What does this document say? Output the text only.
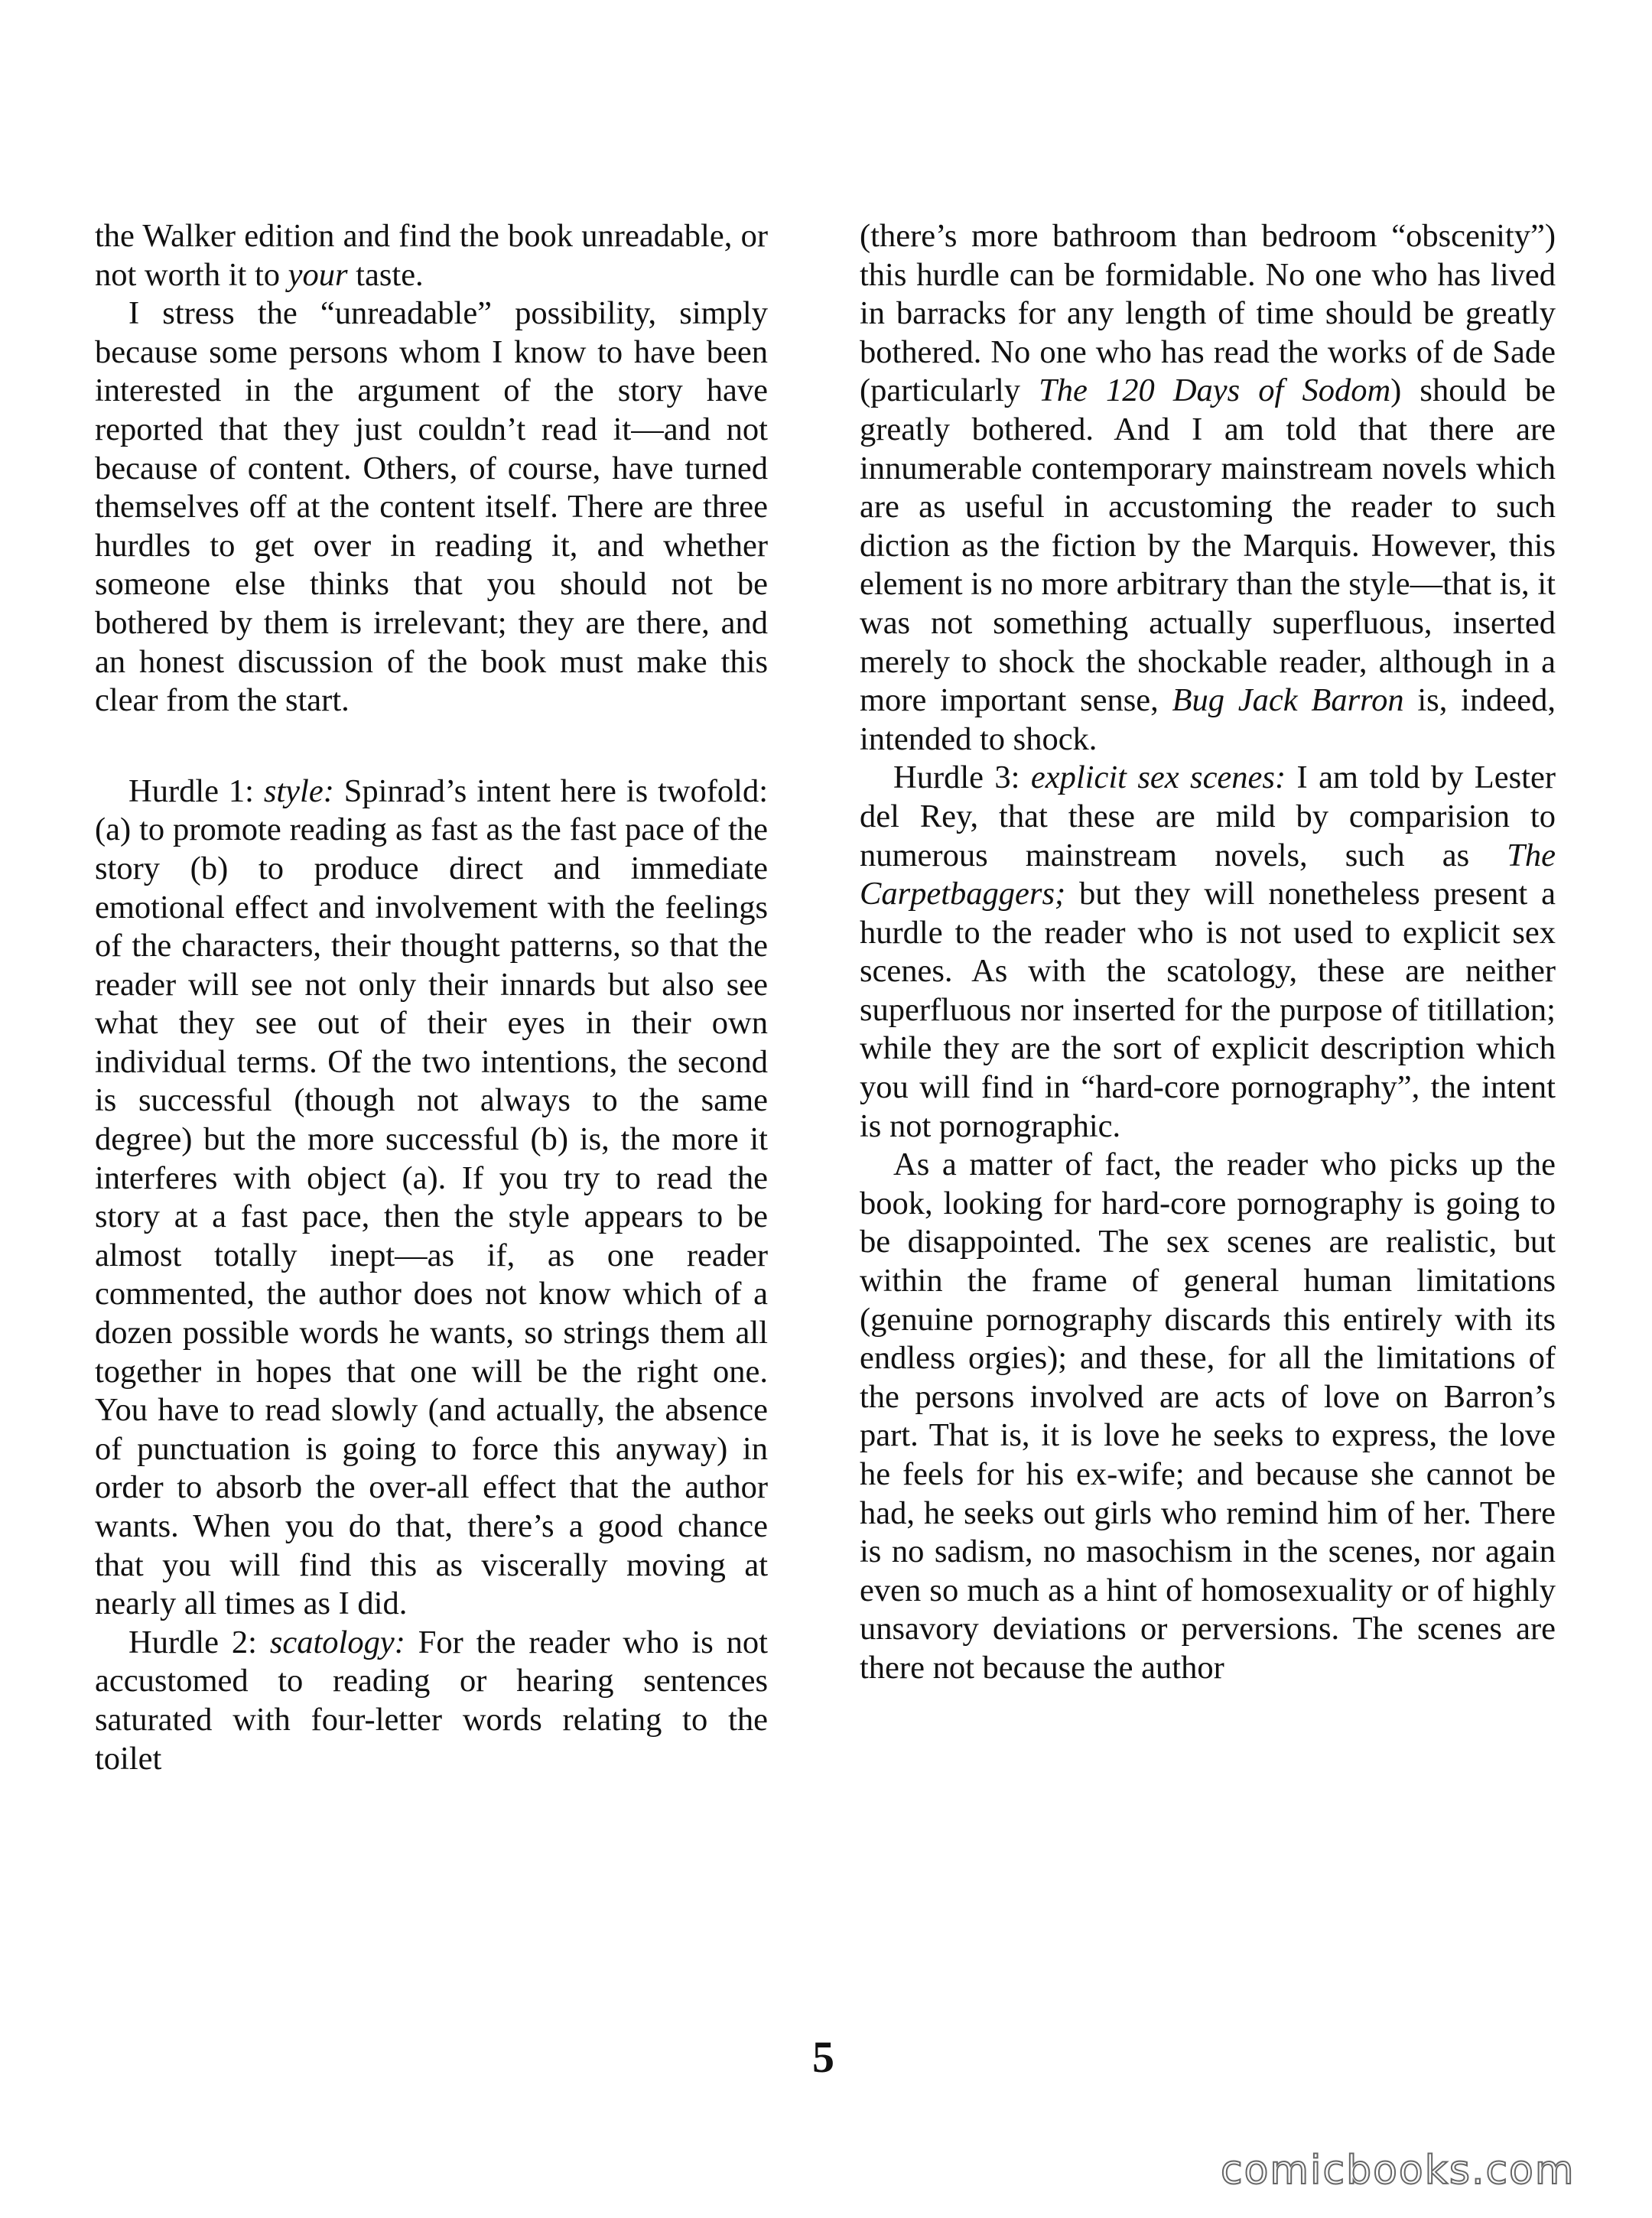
the Walker edition and find the book unreadable, or not worth it to your taste.

I stress the “unreadable” possibility, simply because some persons whom I know to have been interested in the argument of the story have reported that they just couldn’t read it—and not because of content. Others, of course, have turned themselves off at the content itself. There are three hurdles to get over in reading it, and whether someone else thinks that you should not be bothered by them is irrelevant; they are there, and an honest discussion of the book must make this clear from the start.

Hurdle 1: style: Spinrad’s intent here is twofold: (a) to promote reading as fast as the fast pace of the story (b) to produce direct and immediate emotional effect and involvement with the feelings of the characters, their thought patterns, so that the reader will see not only their innards but also see what they see out of their eyes in their own individual terms. Of the two intentions, the second is successful (though not always to the same degree) but the more successful (b) is, the more it interferes with object (a). If you try to read the story at a fast pace, then the style appears to be almost totally inept—as if, as one reader commented, the author does not know which of a dozen possible words he wants, so strings them all together in hopes that one will be the right one. You have to read slowly (and actually, the absence of punctuation is going to force this anyway) in order to absorb the over-all effect that the author wants. When you do that, there’s a good chance that you will find this as viscerally moving at nearly all times as I did.

Hurdle 2: scatology: For the reader who is not accustomed to reading or hearing sentences saturated with four-letter words relating to the toilet

(there’s more bathroom than bedroom “obscenity”) this hurdle can be formidable. No one who has lived in barracks for any length of time should be greatly bothered. No one who has read the works of de Sade (particularly The 120 Days of Sodom) should be greatly bothered. And I am told that there are innumerable contemporary mainstream novels which are as useful in accustoming the reader to such diction as the fiction by the Marquis. However, this element is no more arbitrary than the style—that is, it was not something actually superfluous, inserted merely to shock the shockable reader, although in a more important sense, Bug Jack Barron is, indeed, intended to shock.

Hurdle 3: explicit sex scenes: I am told by Lester del Rey, that these are mild by comparision to numerous mainstream novels, such as The Carpetbaggers; but they will nonetheless present a hurdle to the reader who is not used to explicit sex scenes. As with the scatology, these are neither superfluous nor inserted for the purpose of titillation; while they are the sort of explicit description which you will find in “hard-core pornography”, the intent is not pornographic.

As a matter of fact, the reader who picks up the book, looking for hard-core pornography is going to be disappointed. The sex scenes are realistic, but within the frame of general human limitations (genuine pornography discards this entirely with its endless orgies); and these, for all the limitations of the persons involved are acts of love on Barron’s part. That is, it is love he seeks to express, the love he feels for his ex-wife; and because she cannot be had, he seeks out girls who remind him of her. There is no sadism, no masochism in the scenes, nor again even so much as a hint of homosexuality or of highly unsavory deviations or perversions. The scenes are there not because the author

5
comicbooks.com
